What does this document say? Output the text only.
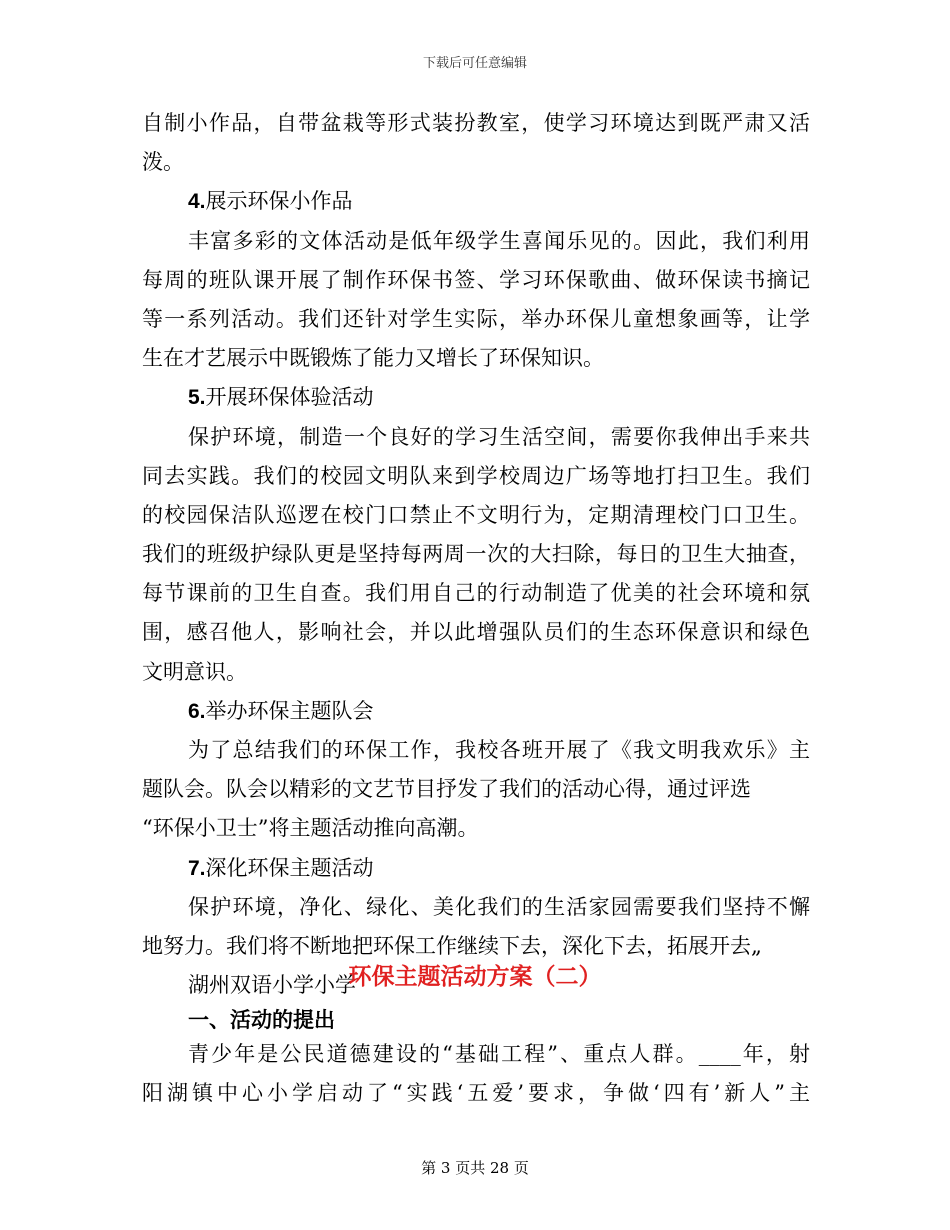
下载后可任意编辑
自制小作品，自带盆栽等形式装扮教室，使学习环境达到既严肃又活
泼。
4.展示环保小作品
丰富多彩的文体活动是低年级学生喜闻乐见的。因此，我们利用
每周的班队课开展了制作环保书签、学习环保歌曲、做环保读书摘记
等一系列活动。我们还针对学生实际，举办环保儿童想象画等，让学
生在才艺展示中既锻炼了能力又增长了环保知识。
5.开展环保体验活动
保护环境，制造一个良好的学习生活空间，需要你我伸出手来共
同去实践。我们的校园文明队来到学校周边广场等地打扫卫生。我们
的校园保洁队巡逻在校门口禁止不文明行为，定期清理校门口卫生。
我们的班级护绿队更是坚持每两周一次的大扫除，每日的卫生大抽查，
每节课前的卫生自查。我们用自己的行动制造了优美的社会环境和氛
围，感召他人，影响社会，并以此增强队员们的生态环保意识和绿色
文明意识。
6.举办环保主题队会
为了总结我们的环保工作，我校各班开展了《我文明我欢乐》主
题队会。队会以精彩的文艺节目抒发了我们的活动心得，通过评选
“环保小卫士”将主题活动推向高潮。
7.深化环保主题活动
保护环境，净化、绿化、美化我们的生活家园需要我们坚持不懈
地努力。我们将不断地把环保工作继续下去，深化下去，拓展开去„
湖州双语小学小学
环保主题活动方案（二）
一、活动的提出
青少年是公民道德建设的“基础工程”、重点人群。____年，射
阳湖镇中心小学启动了“实践‘五爱’要求，争做‘四有’新人”主
第 3 页共 28 页
